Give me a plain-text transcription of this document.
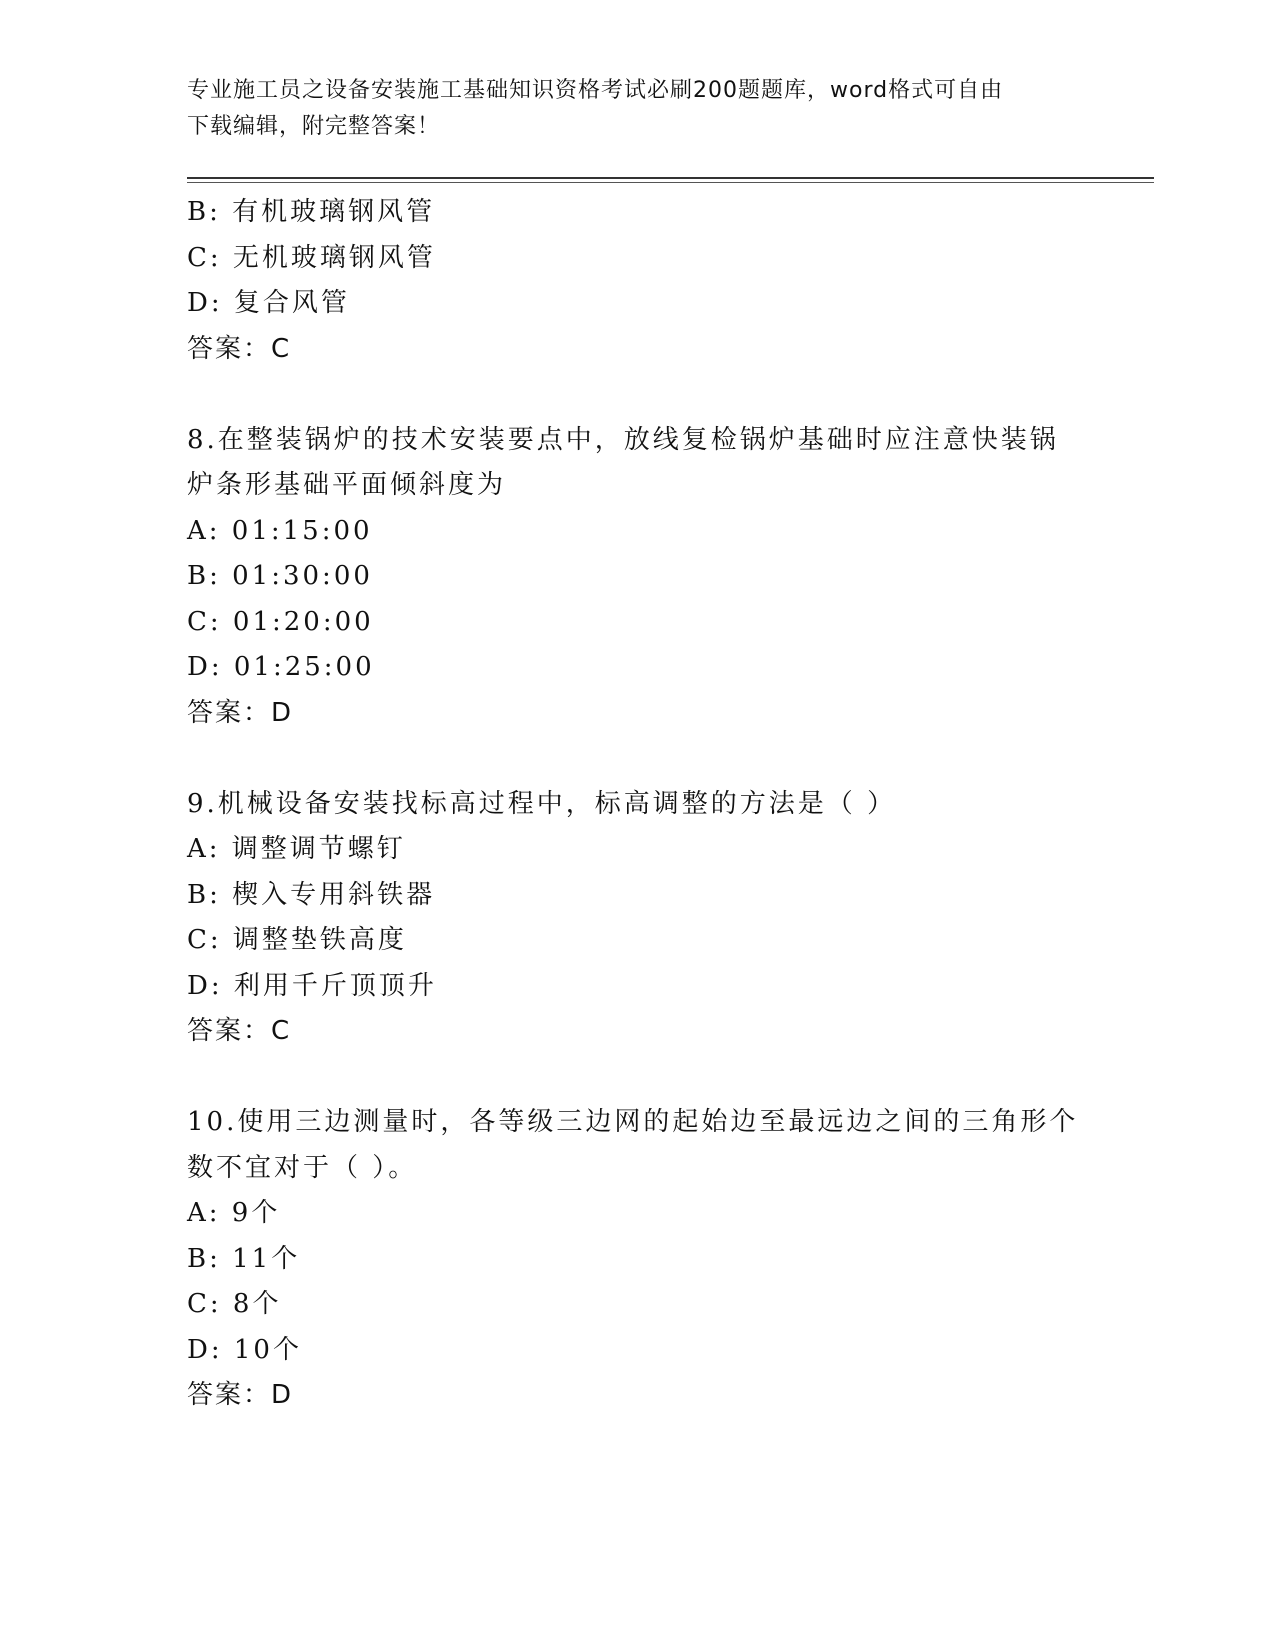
专业施工员之设备安装施工基础知识资格考试必刷200题题库，word格式可自由
下载编辑，附完整答案！
B: 有机玻璃钢风管
C: 无机玻璃钢风管
D: 复合风管
答案：C
8.在整装锅炉的技术安装要点中，放线复检锅炉基础时应注意快装锅
炉条形基础平面倾斜度为
A: 01:15:00
B: 01:30:00
C: 01:20:00
D: 01:25:00
答案：D
9.机械设备安装找标高过程中，标高调整的方法是（ ）
A: 调整调节螺钉
B: 楔入专用斜铁器
C: 调整垫铁高度
D: 利用千斤顶顶升
答案：C
10.使用三边测量时，各等级三边网的起始边至最远边之间的三角形个
数不宜对于（ ）。
A: 9个
B: 11个
C: 8个
D: 10个
答案：D
